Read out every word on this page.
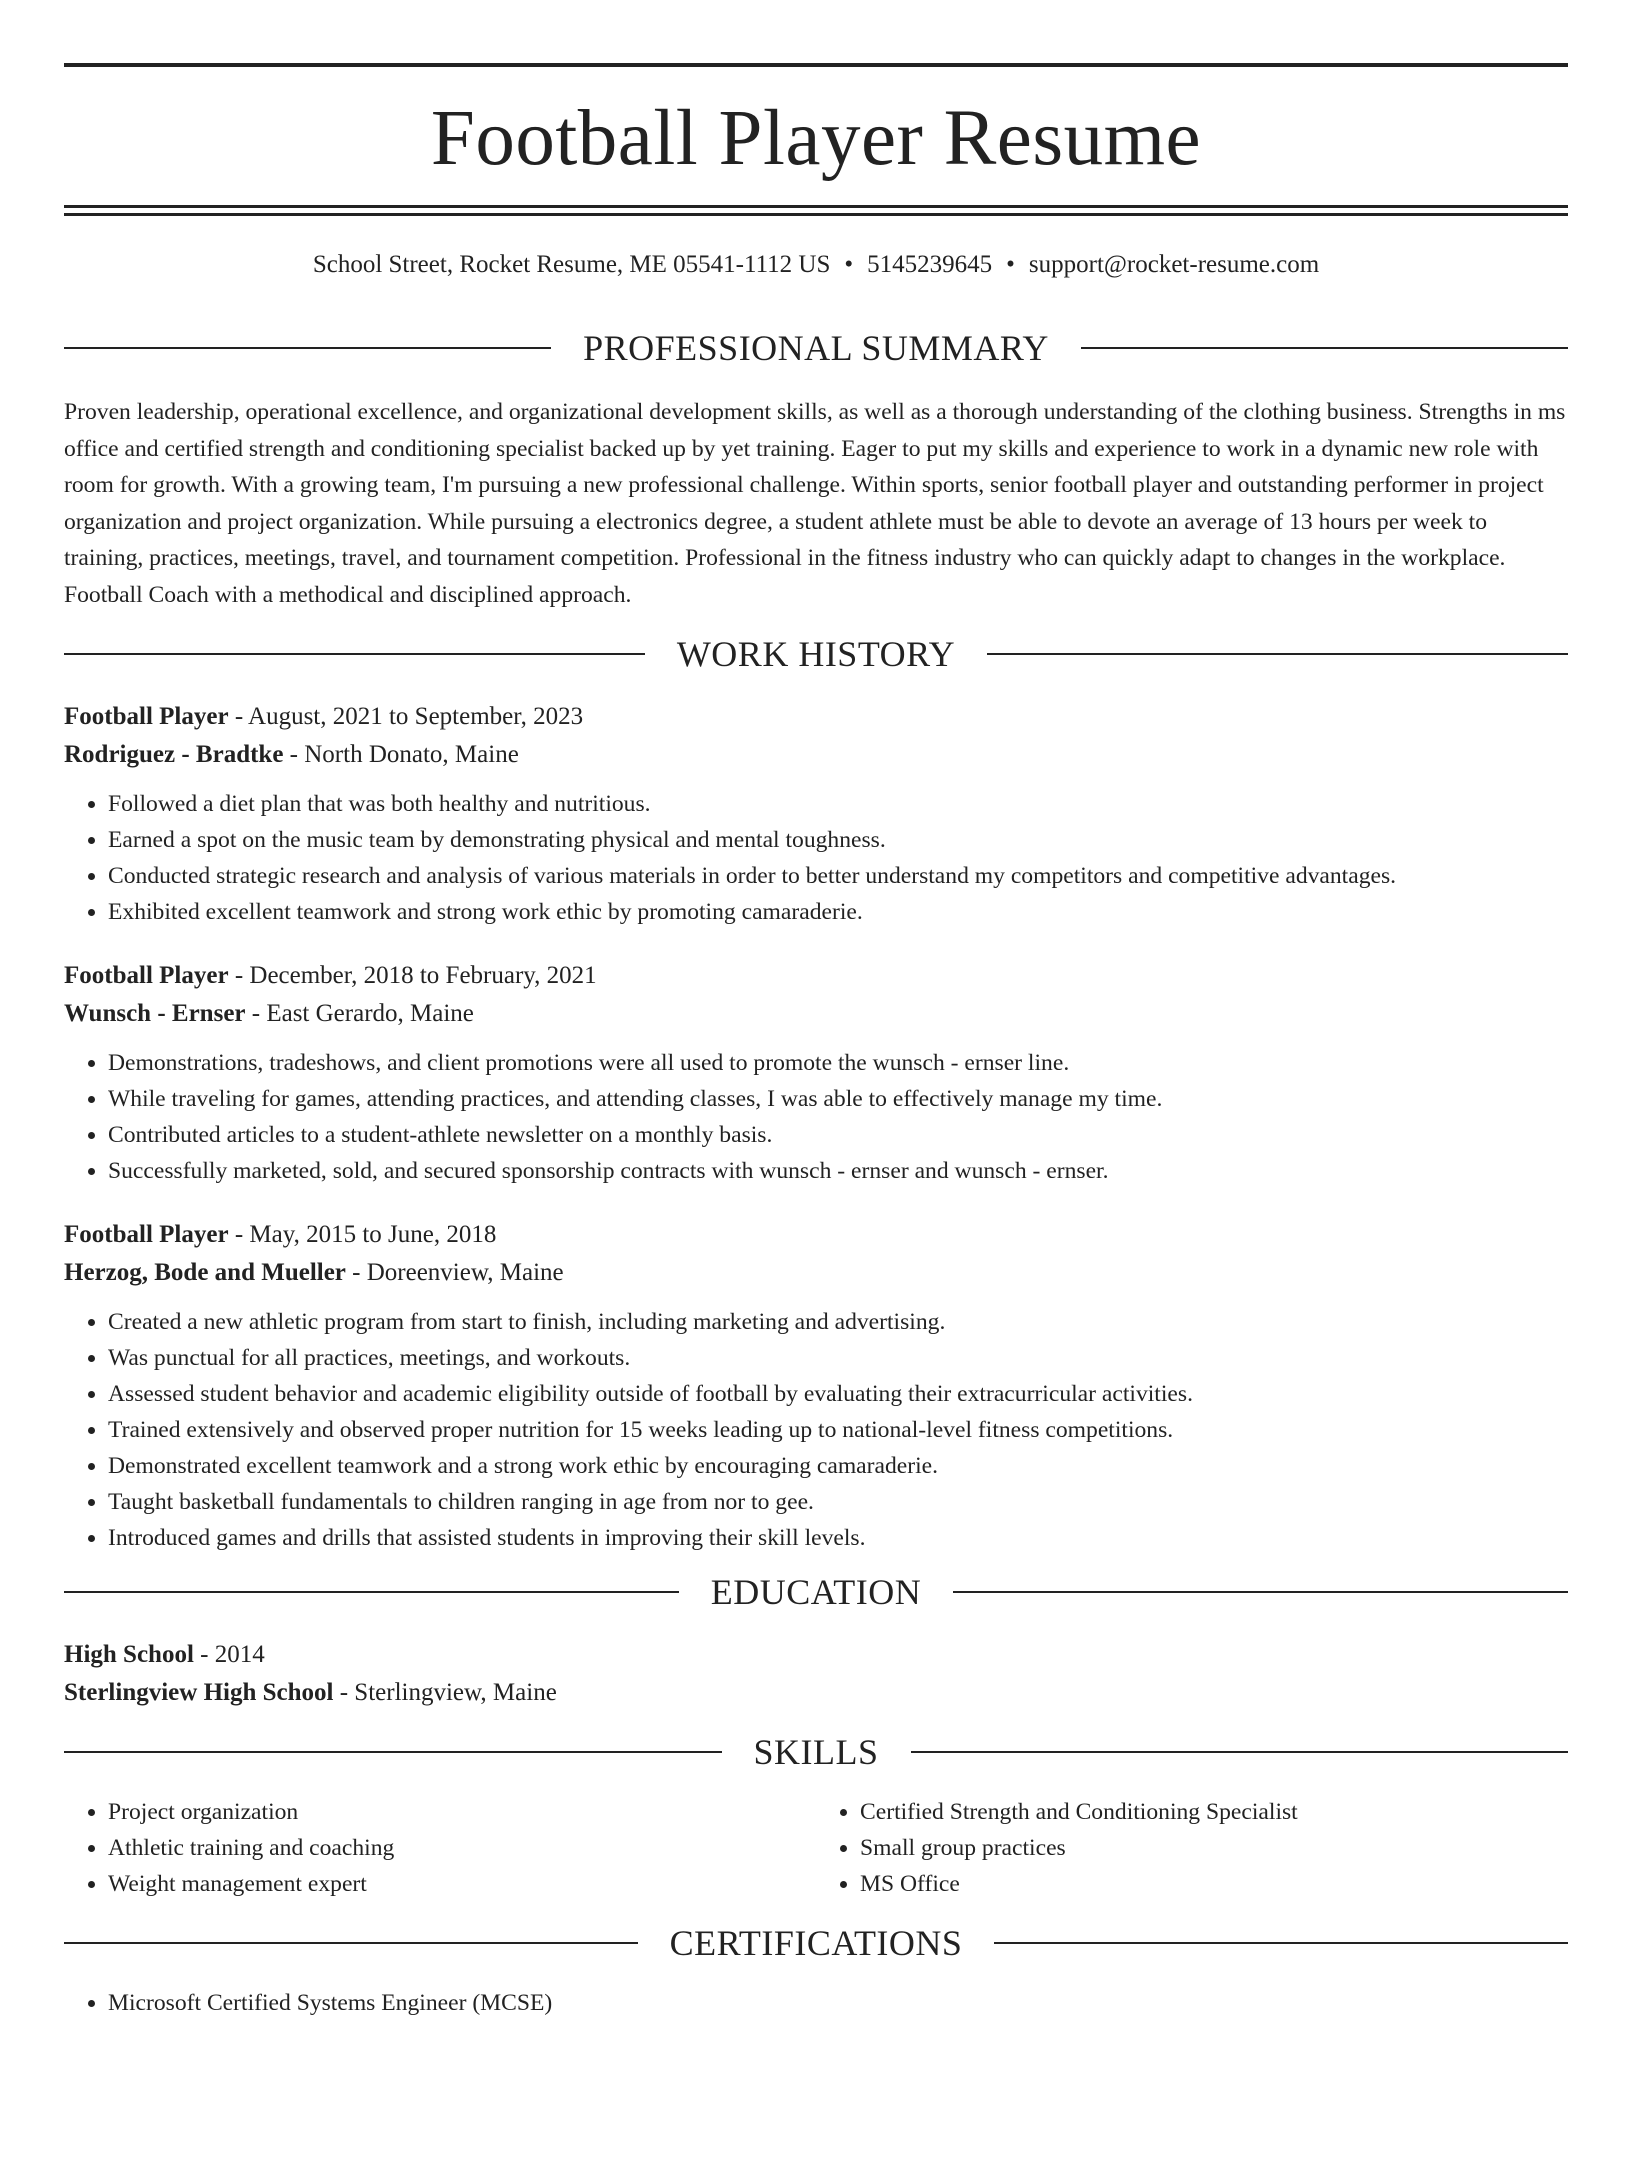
Football Player Resume
School Street, Rocket Resume, ME 05541-1112 US • 5145239645 • support@rocket-resume.com
PROFESSIONAL SUMMARY

Proven leadership, operational excellence, and organizational development skills, as well as a thorough understanding of the clothing business. Strengths in ms office and certified strength and conditioning specialist backed up by yet training. Eager to put my skills and experience to work in a dynamic new role with room for growth. With a growing team, I'm pursuing a new professional challenge. Within sports, senior football player and outstanding performer in project organization and project organization. While pursuing a electronics degree, a student athlete must be able to devote an average of 13 hours per week to training, practices, meetings, travel, and tournament competition. Professional in the fitness industry who can quickly adapt to changes in the workplace. Football Coach with a methodical and disciplined approach.

WORK HISTORY
Football Player - August, 2021 to September, 2023
Rodriguez - Bradtke - North Donato, Maine
• Followed a diet plan that was both healthy and nutritious.
• Earned a spot on the music team by demonstrating physical and mental toughness.
• Conducted strategic research and analysis of various materials in order to better understand my competitors and competitive advantages.
• Exhibited excellent teamwork and strong work ethic by promoting camaraderie.
Football Player - December, 2018 to February, 2021
Wunsch - Ernser - East Gerardo, Maine
• Demonstrations, tradeshows, and client promotions were all used to promote the wunsch - ernser line.
• While traveling for games, attending practices, and attending classes, I was able to effectively manage my time.
• Contributed articles to a student-athlete newsletter on a monthly basis.
• Successfully marketed, sold, and secured sponsorship contracts with wunsch - ernser and wunsch - ernser.
Football Player - May, 2015 to June, 2018
Herzog, Bode and Mueller - Doreenview, Maine
• Created a new athletic program from start to finish, including marketing and advertising.
• Was punctual for all practices, meetings, and workouts.
• Assessed student behavior and academic eligibility outside of football by evaluating their extracurricular activities.
• Trained extensively and observed proper nutrition for 15 weeks leading up to national-level fitness competitions.
• Demonstrated excellent teamwork and a strong work ethic by encouraging camaraderie.
• Taught basketball fundamentals to children ranging in age from nor to gee.
• Introduced games and drills that assisted students in improving their skill levels.
EDUCATION
High School - 2014
Sterlingview High School - Sterlingview, Maine
SKILLS
• Project organization
• Athletic training and coaching
• Weight management expert
• Certified Strength and Conditioning Specialist
• Small group practices
• MS Office
CERTIFICATIONS
• Microsoft Certified Systems Engineer (MCSE)
